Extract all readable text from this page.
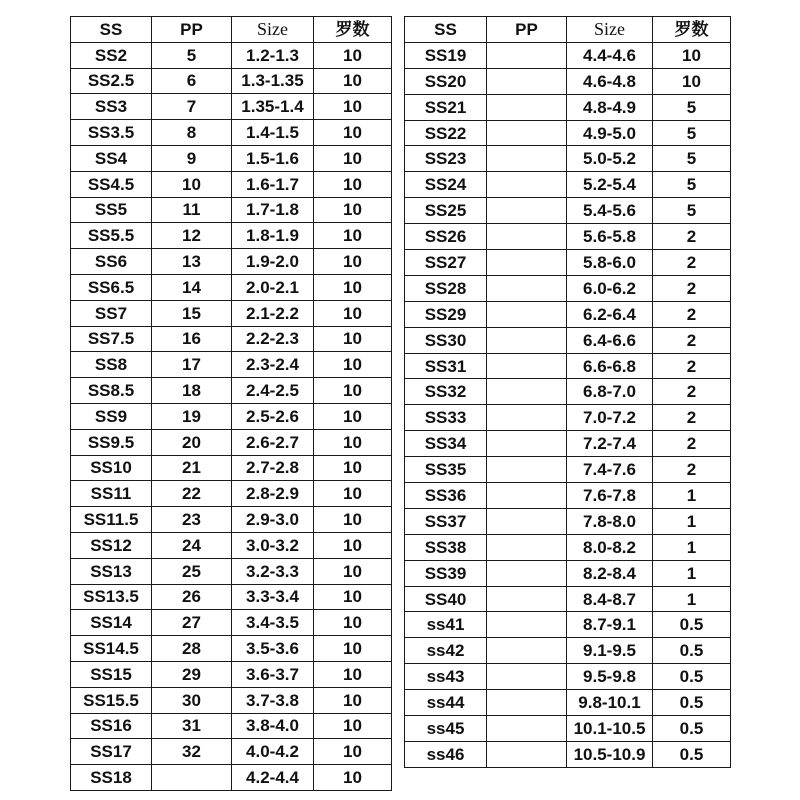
SS	PP	Size	罗数
SS2	5	1.2-1.3	10
SS2.5	6	1.3-1.35	10
SS3	7	1.35-1.4	10
SS3.5	8	1.4-1.5	10
SS4	9	1.5-1.6	10
SS4.5	10	1.6-1.7	10
SS5	11	1.7-1.8	10
SS5.5	12	1.8-1.9	10
SS6	13	1.9-2.0	10
SS6.5	14	2.0-2.1	10
SS7	15	2.1-2.2	10
SS7.5	16	2.2-2.3	10
SS8	17	2.3-2.4	10
SS8.5	18	2.4-2.5	10
SS9	19	2.5-2.6	10
SS9.5	20	2.6-2.7	10
SS10	21	2.7-2.8	10
SS11	22	2.8-2.9	10
SS11.5	23	2.9-3.0	10
SS12	24	3.0-3.2	10
SS13	25	3.2-3.3	10
SS13.5	26	3.3-3.4	10
SS14	27	3.4-3.5	10
SS14.5	28	3.5-3.6	10
SS15	29	3.6-3.7	10
SS15.5	30	3.7-3.8	10
SS16	31	3.8-4.0	10
SS17	32	4.0-4.2	10
SS18		4.2-4.4	10
SS	PP	Size	罗数
SS19		4.4-4.6	10
SS20		4.6-4.8	10
SS21		4.8-4.9	5
SS22		4.9-5.0	5
SS23		5.0-5.2	5
SS24		5.2-5.4	5
SS25		5.4-5.6	5
SS26		5.6-5.8	2
SS27		5.8-6.0	2
SS28		6.0-6.2	2
SS29		6.2-6.4	2
SS30		6.4-6.6	2
SS31		6.6-6.8	2
SS32		6.8-7.0	2
SS33		7.0-7.2	2
SS34		7.2-7.4	2
SS35		7.4-7.6	2
SS36		7.6-7.8	1
SS37		7.8-8.0	1
SS38		8.0-8.2	1
SS39		8.2-8.4	1
SS40		8.4-8.7	1
ss41		8.7-9.1	0.5
ss42		9.1-9.5	0.5
ss43		9.5-9.8	0.5
ss44		9.8-10.1	0.5
ss45		10.1-10.5	0.5
ss46		10.5-10.9	0.5
